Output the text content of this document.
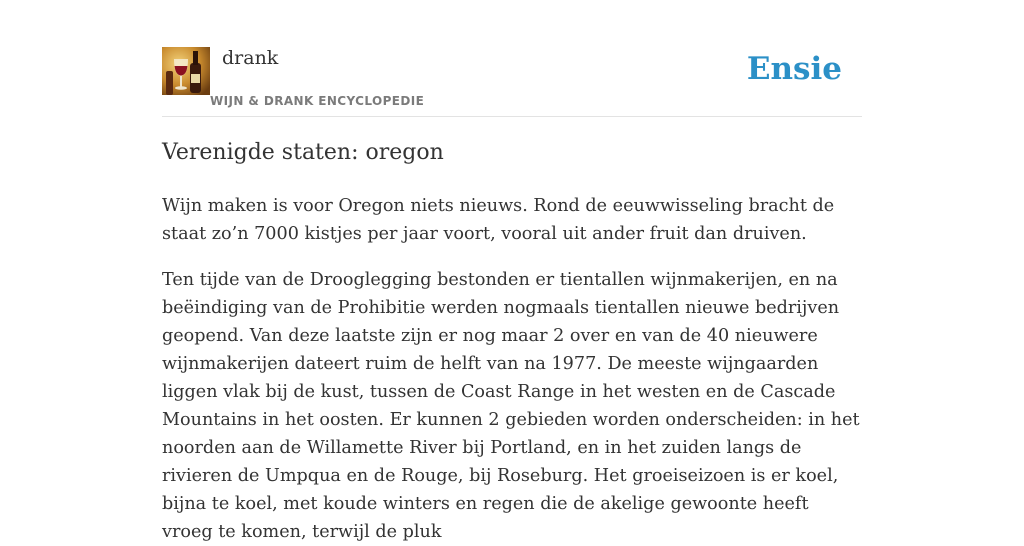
drank
WIJN & DRANK ENCYCLOPEDIE
Ensie
Verenigde staten: oregon

Wijn maken is voor Oregon niets nieuws. Rond de eeuwwisseling bracht de staat zo’n 7000 kistjes per jaar voort, vooral uit ander fruit dan druiven.

Ten tijde van de Drooglegging bestonden er tientallen wijnmakerijen, en na beëindiging van de Prohibitie werden nogmaals tientallen nieuwe bedrijven geopend. Van deze laatste zijn er nog maar 2 over en van de 40 nieuwere wijnmakerijen dateert ruim de helft van na 1977. De meeste wijngaarden liggen vlak bij de kust, tussen de Coast Range in het westen en de Cascade Mountains in het oosten. Er kunnen 2 gebieden worden onderscheiden: in het noorden aan de Willamette River bij Portland, en in het zuiden langs de rivieren de Umpqua en de Rouge, bij Roseburg. Het groeiseizoen is er koel, bijna te koel, met koude winters en regen die de akelige gewoonte heeft vroeg te komen, terwijl de pluk
